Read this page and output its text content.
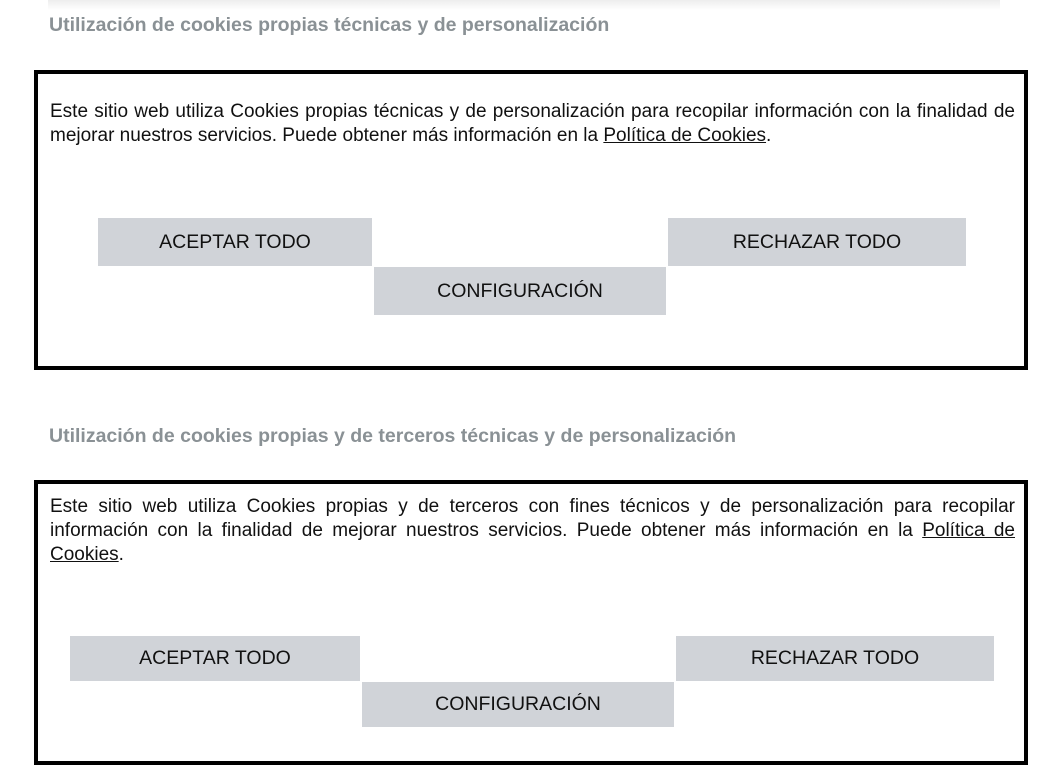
Utilización de cookies propias técnicas y de personalización

Este sitio web utiliza Cookies propias técnicas y de personalización para recopilar información con la finalidad de mejorar nuestros servicios. Puede obtener más información en la Política de Cookies.

ACEPTAR TODO
CONFIGURACIÓN
RECHAZAR TODO
Utilización de cookies propias y de terceros técnicas y de personalización

Este sitio web utiliza Cookies propias y de terceros con fines técnicos y de personalización para recopilar información con la finalidad de mejorar nuestros servicios. Puede obtener más información en la Política de Cookies.

ACEPTAR TODO
CONFIGURACIÓN
RECHAZAR TODO
